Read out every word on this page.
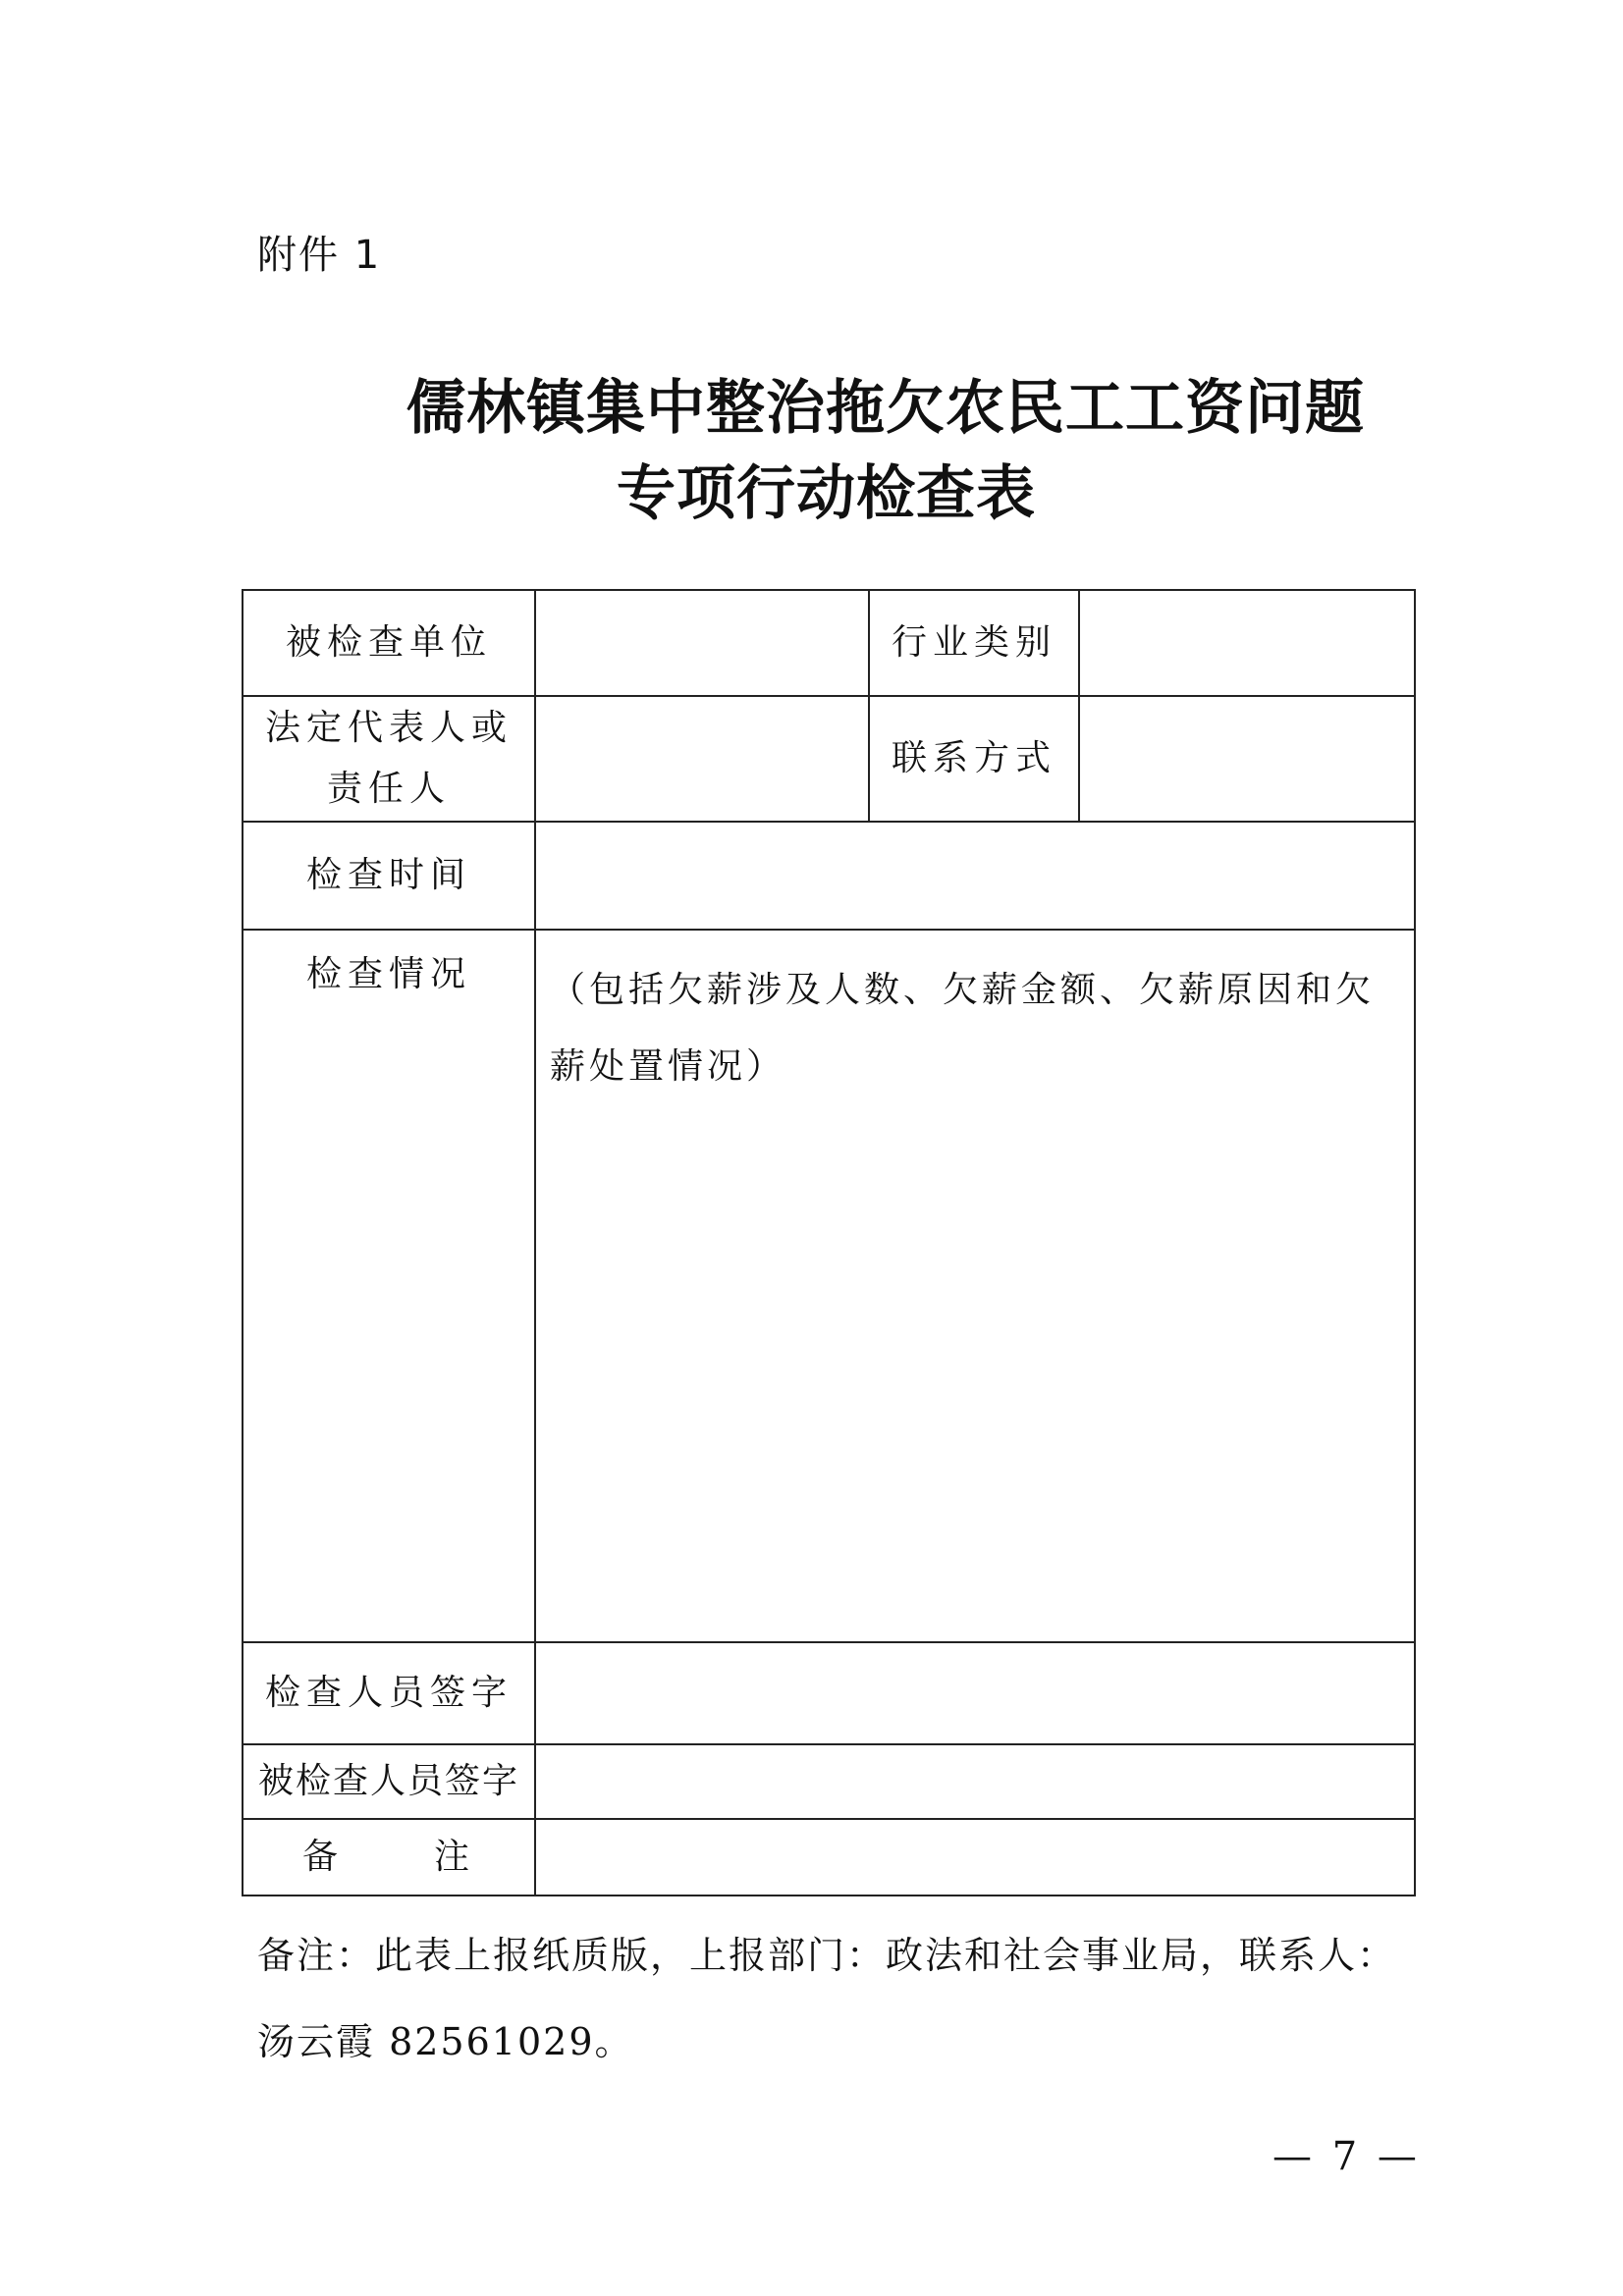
附件 1
儒林镇集中整治拖欠农民工工资问题
专项行动检查表
被检查单位		行业类别	

法定代表人或
责任人		联系方式	
检查时间			
检查情况	（包括欠薪涉及人数、欠薪金额、欠薪原因和欠薪处置情况）		
检查人员签字			
被检查人员签字			
备 注			
备注：此表上报纸质版，上报部门：政法和社会事业局，联系人：汤云霞 82561029。
— 7 —
